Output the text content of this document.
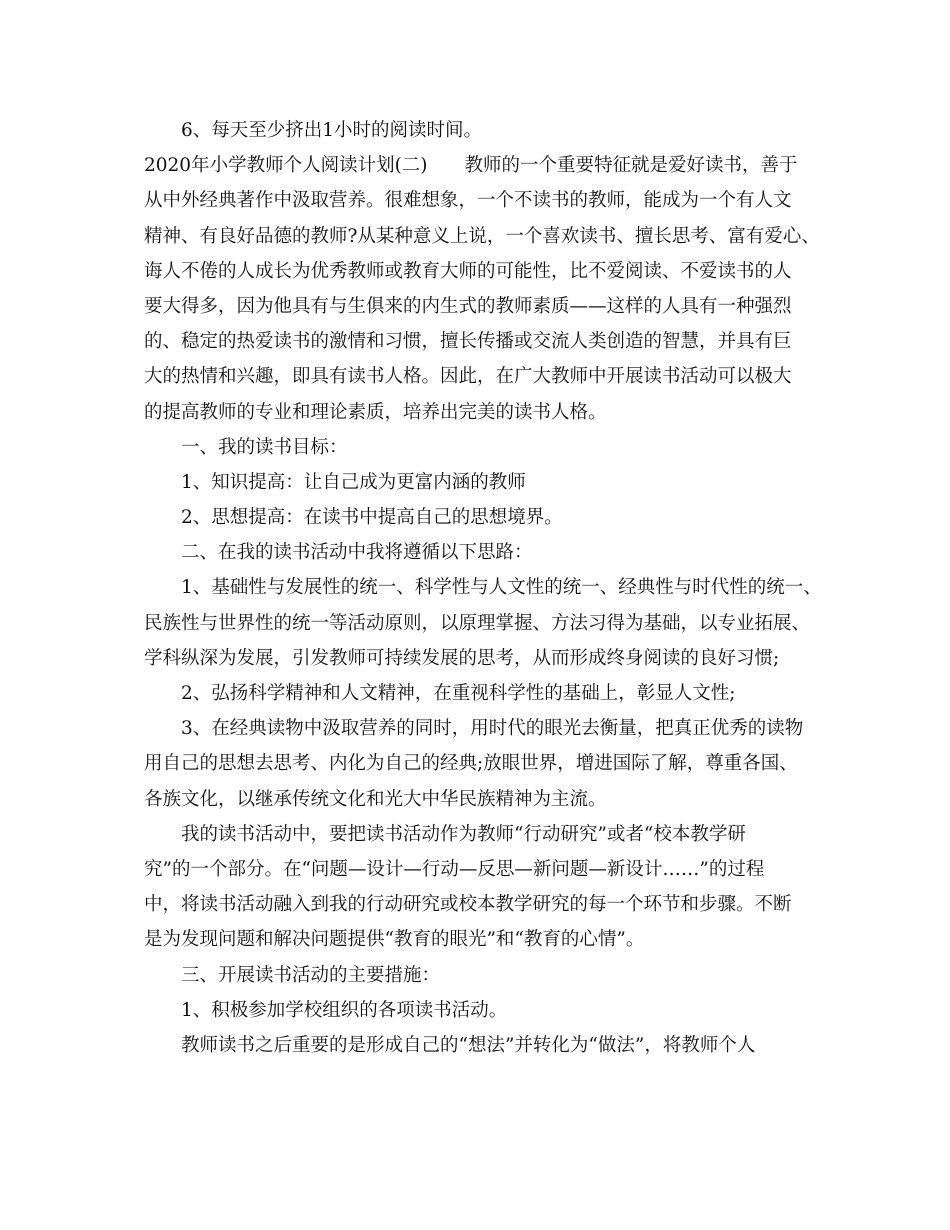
6、每天至少挤出1小时的阅读时间。
2020年小学教师个人阅读计划(二)　　教师的一个重要特征就是爱好读书，善于
从中外经典著作中汲取营养。很难想象，一个不读书的教师，能成为一个有人文
精神、有良好品德的教师?从某种意义上说，一个喜欢读书、擅长思考、富有爱心、
诲人不倦的人成长为优秀教师或教育大师的可能性，比不爱阅读、不爱读书的人
要大得多，因为他具有与生俱来的内生式的教师素质——这样的人具有一种强烈
的、稳定的热爱读书的激情和习惯，擅长传播或交流人类创造的智慧，并具有巨
大的热情和兴趣，即具有读书人格。因此，在广大教师中开展读书活动可以极大
的提高教师的专业和理论素质，培养出完美的读书人格。
一、我的读书目标：
1、知识提高：让自己成为更富内涵的教师
2、思想提高：在读书中提高自己的思想境界。
二、在我的读书活动中我将遵循以下思路：
1、基础性与发展性的统一、科学性与人文性的统一、经典性与时代性的统一、
民族性与世界性的统一等活动原则，以原理掌握、方法习得为基础，以专业拓展、
学科纵深为发展，引发教师可持续发展的思考，从而形成终身阅读的良好习惯;
2、弘扬科学精神和人文精神，在重视科学性的基础上，彰显人文性;
3、在经典读物中汲取营养的同时，用时代的眼光去衡量，把真正优秀的读物
用自己的思想去思考、内化为自己的经典;放眼世界，增进国际了解，尊重各国、
各族文化，以继承传统文化和光大中华民族精神为主流。
我的读书活动中，要把读书活动作为教师“行动研究”或者“校本教学研
究”的一个部分。在“问题—设计—行动—反思—新问题—新设计……”的过程
中，将读书活动融入到我的行动研究或校本教学研究的每一个环节和步骤。不断
是为发现问题和解决问题提供“教育的眼光”和“教育的心情”。
三、开展读书活动的主要措施：
1、积极参加学校组织的各项读书活动。
教师读书之后重要的是形成自己的“想法”并转化为“做法”，将教师个人
